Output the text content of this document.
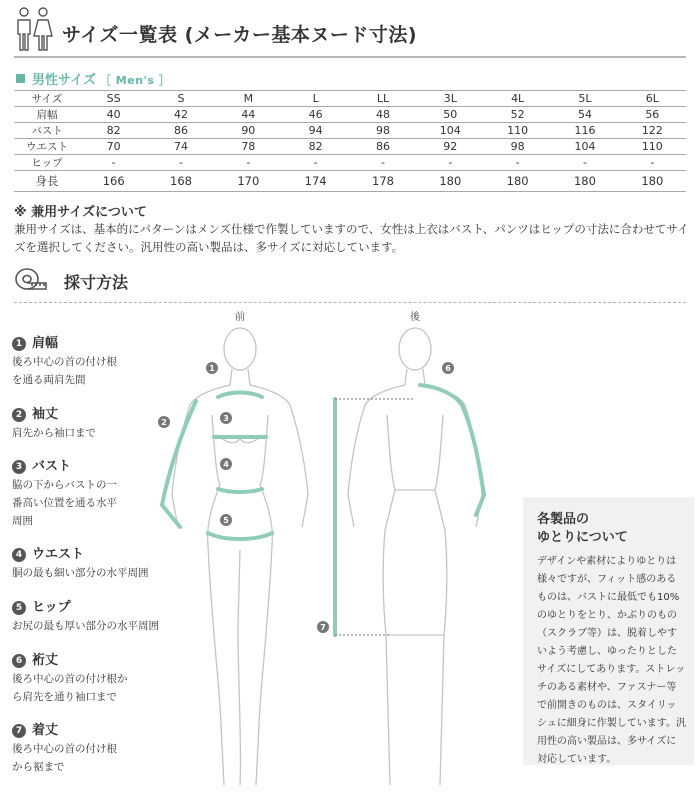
サイズ一覧表 (メーカー基本ヌード寸法)
男性サイズ ［ Men's ］
サイズ	SS	S	M	L	LL	3L	4L	5L	6L
肩幅	40	42	44	46	48	50	52	54	56
バスト	82	86	90	94	98	104	110	116	122
ウエスト	70	74	78	82	86	92	98	104	110
ヒップ	-	-	-	-	-	-	-	-	-
身長	166	168	170	174	178	180	180	180	180
※ 兼用サイズについて
兼用サイズは、基本的にパターンはメンズ仕様で作製していますので、女性は上衣はバスト、パンツはヒップの寸法に合わせてサイズを選択してください。汎用性の高い製品は、多サイズに対応しています。
採寸方法
1 肩幅
後ろ中心の首の付け根
を通る両肩先間
2 袖丈
肩先から袖口まで
3 バスト
脇の下からバストの一
番高い位置を通る水平
周囲
4 ウエスト
胴の最も細い部分の水平周囲
5 ヒップ
お尻の最も厚い部分の水平周囲
6 裄丈
後ろ中心の首の付け根か
ら肩先を通り袖口まで
7 着丈
後ろ中心の首の付け根
から裾まで
1
2	3
4
5
前
6
7
後
各製品の
ゆとりについて
デザインや素材によりゆとりは様々ですが、フィット感のあるものは、バストに最低でも10%のゆとりをとり、かぶりのもの（スクラブ等）は、脱着しやすいよう考慮し、ゆったりとしたサイズにしてあります。ストレッチのある素材や、ファスナー等で前開きのものは、スタイリッシュに細身に作製しています。汎用性の高い製品は、多サイズに対応しています。
